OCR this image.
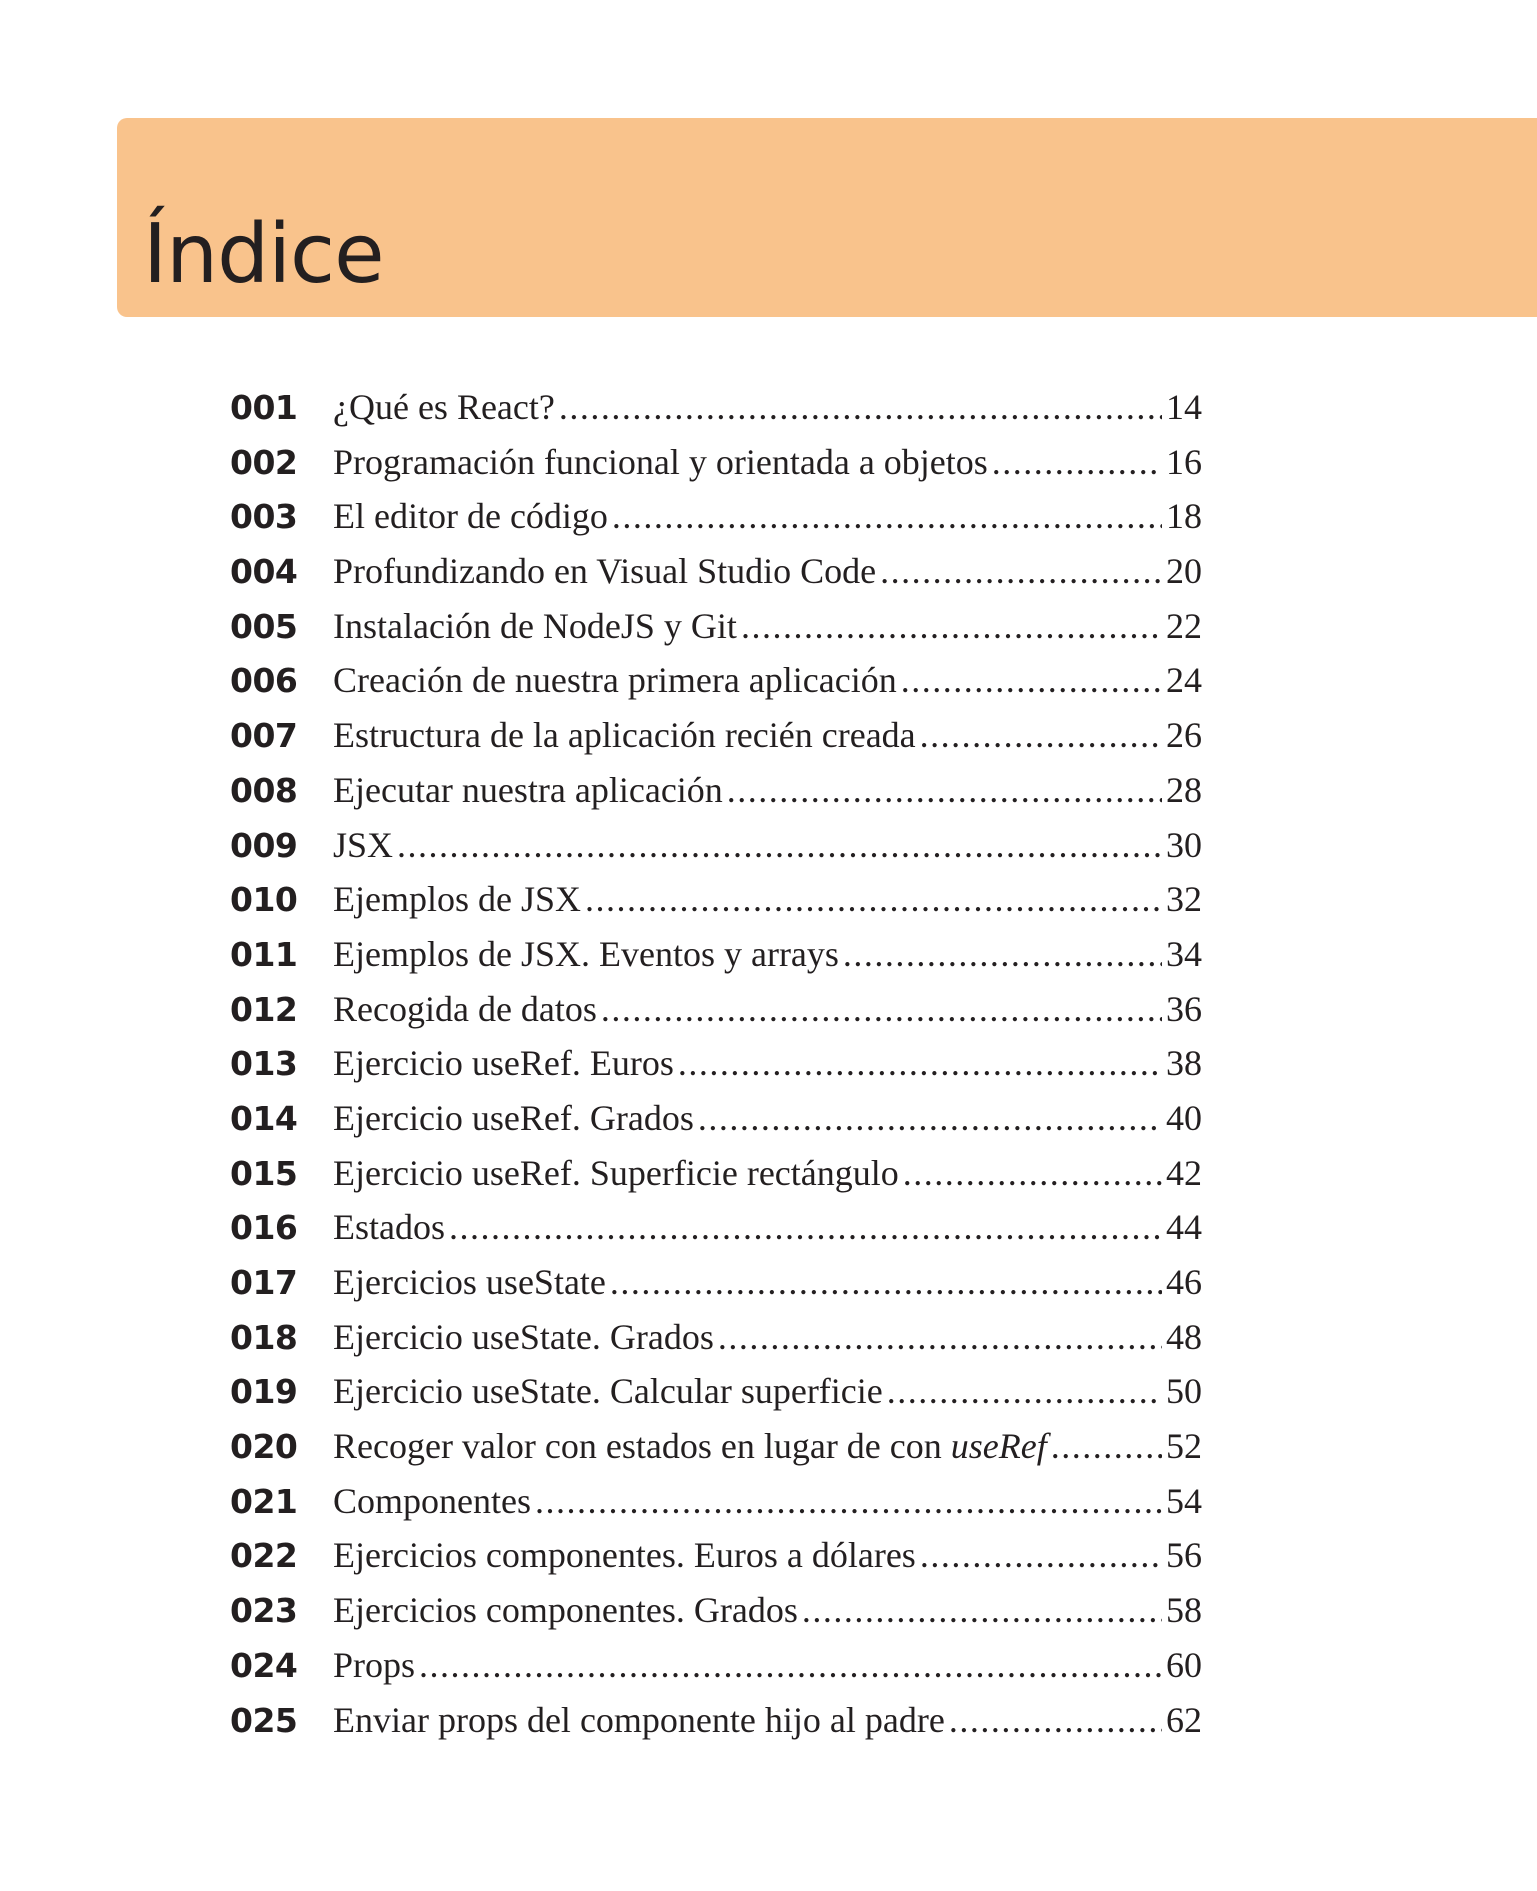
Índice
001 ¿Qué es React? .....	14
002 Programación funcional y orientada a objetos .....	16
003 El editor de código .....	18
004 Profundizando en Visual Studio Code .....	20
005 Instalación de NodeJS y Git .....	22
006 Creación de nuestra primera aplicación .....	24
007 Estructura de la aplicación recién creada .....	26
008 Ejecutar nuestra aplicación .....	28
009 JSX .....	30
010 Ejemplos de JSX .....	32
011 Ejemplos de JSX. Eventos y arrays .....	34
012 Recogida de datos .....	36
013 Ejercicio useRef. Euros .....	38
014 Ejercicio useRef. Grados .....	40
015 Ejercicio useRef. Superficie rectángulo .....	42
016 Estados .....	44
017 Ejercicios useState .....	46
018 Ejercicio useState. Grados .....	48
019 Ejercicio useState. Calcular superficie .....	50
020 Recoger valor con estados en lugar de con useRef .....	52
021 Componentes .....	54
022 Ejercicios componentes. Euros a dólares .....	56
023 Ejercicios componentes. Grados .....	58
024 Props .....	60
025 Enviar props del componente hijo al padre .....	62
